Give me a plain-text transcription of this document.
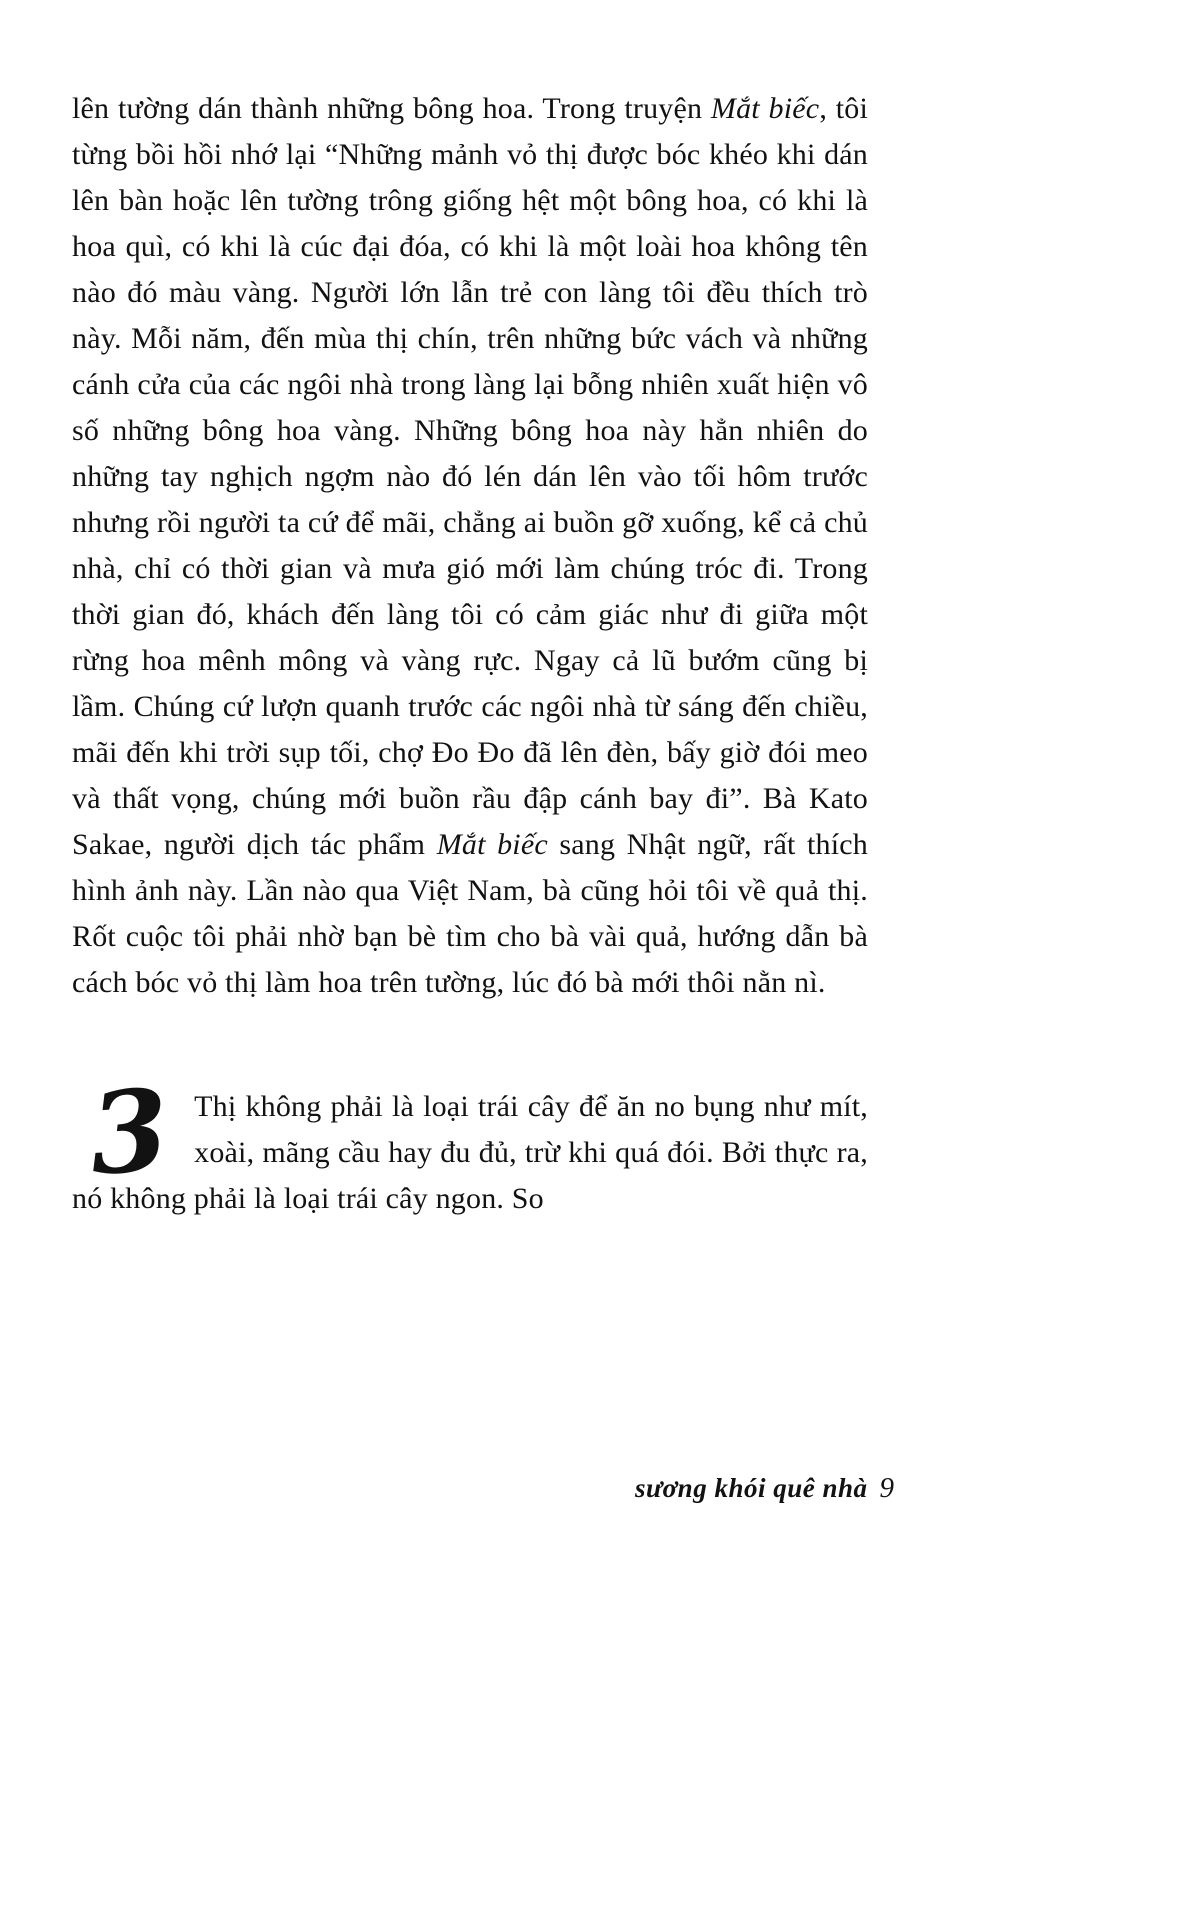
lên tường dán thành những bông hoa. Trong truyện Mắt biếc, tôi từng bồi hồi nhớ lại “Những mảnh vỏ thị được bóc khéo khi dán lên bàn hoặc lên tường trông giống hệt một bông hoa, có khi là hoa quì, có khi là cúc đại đóa, có khi là một loài hoa không tên nào đó màu vàng. Người lớn lẫn trẻ con làng tôi đều thích trò này. Mỗi năm, đến mùa thị chín, trên những bức vách và những cánh cửa của các ngôi nhà trong làng lại bỗng nhiên xuất hiện vô số những bông hoa vàng. Những bông hoa này hẳn nhiên do những tay nghịch ngợm nào đó lén dán lên vào tối hôm trước nhưng rồi người ta cứ để mãi, chẳng ai buồn gỡ xuống, kể cả chủ nhà, chỉ có thời gian và mưa gió mới làm chúng tróc đi. Trong thời gian đó, khách đến làng tôi có cảm giác như đi giữa một rừng hoa mênh mông và vàng rực. Ngay cả lũ bướm cũng bị lầm. Chúng cứ lượn quanh trước các ngôi nhà từ sáng đến chiều, mãi đến khi trời sụp tối, chợ Đo Đo đã lên đèn, bấy giờ đói meo và thất vọng, chúng mới buồn rầu đập cánh bay đi”. Bà Kato Sakae, người dịch tác phẩm Mắt biếc sang Nhật ngữ, rất thích hình ảnh này. Lần nào qua Việt Nam, bà cũng hỏi tôi về quả thị. Rốt cuộc tôi phải nhờ bạn bè tìm cho bà vài quả, hướng dẫn bà cách bóc vỏ thị làm hoa trên tường, lúc đó bà mới thôi nằn nì.

3 Thị không phải là loại trái cây để ăn no bụng như mít, xoài, mãng cầu hay đu đủ, trừ khi quá đói. Bởi thực ra, nó không phải là loại trái cây ngon. So

sương khói quê nhà 9
